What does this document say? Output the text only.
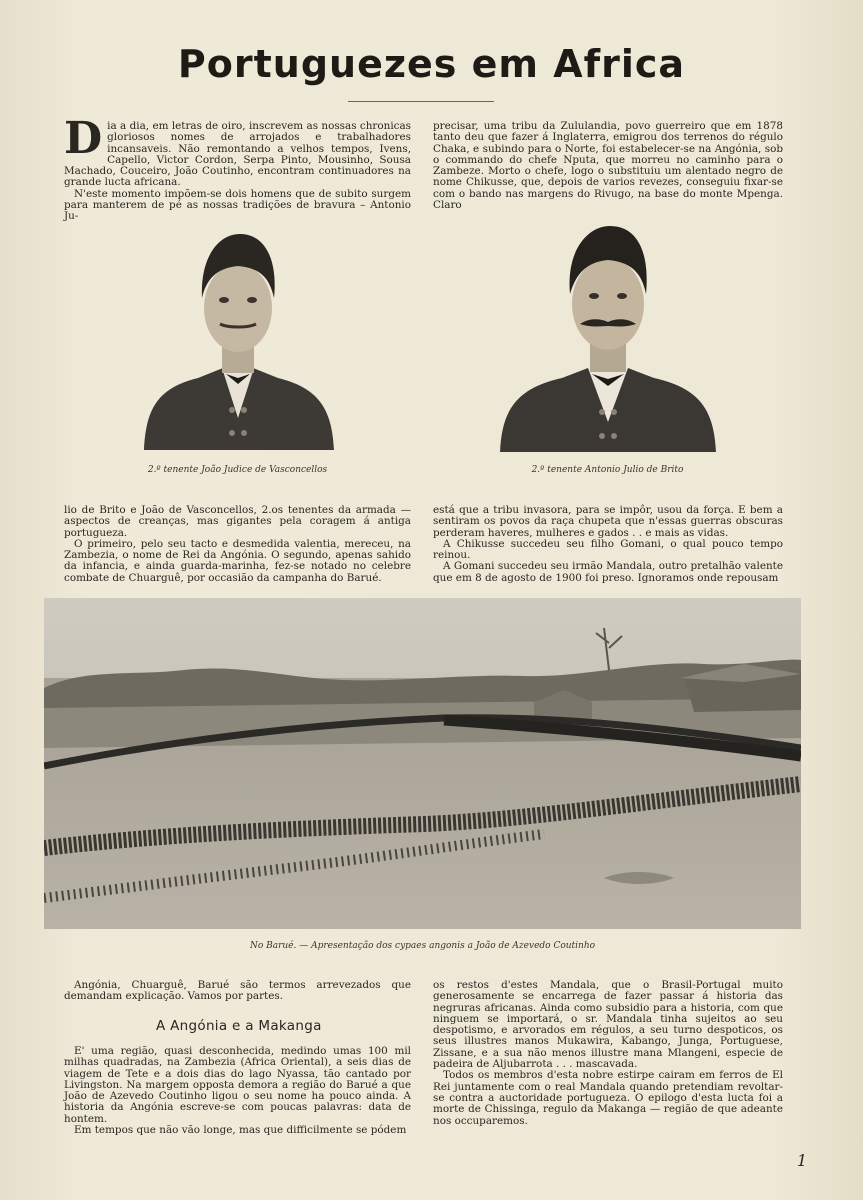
Portuguezes em Africa
D ia a dia, em letras de oiro, inscrevem as nossas chronicas gloriosos nomes de arrojados e trabalhadores incansaveis. Não remontando a velhos tempos, Ivens, Capello, Victor Cordon, Serpa Pinto, Mousinho, Sousa Machado, Couceiro, João Coutinho, encontram continuadores na grande lucta africana.

N'este momento impõem-se dois homens que de subito surgem para manterem de pé as nossas tradições de bravura – Antonio Ju-

precisar, uma tribu da Zululandia, povo guerreiro que em 1878 tanto deu que fazer á Inglaterra, emigrou dos terrenos do régulo Chaka, e subindo para o Norte, foi estabelecer-se na Angónia, sob o commando do chefe Nputa, que morreu no caminho para o Zambeze. Morto o chefe, logo o substituiu um alentado negro de nome Chikusse, que, depois de varios revezes, conseguiu fixar-se com o bando nas margens do Rivugo, na base do monte Mpenga. Claro

2.º tenente João Judice de Vasconcellos	2.º tenente Antonio Julio de Brito

lio de Brito e João de Vasconcellos, 2.os tenentes da armada — aspectos de creanças, mas gigantes pela coragem á antiga portugueza.

O primeiro, pelo seu tacto e desmedida valentia, mereceu, na Zambezia, o nome de Rei da Angónia. O segundo, apenas sahido da infancia, e ainda guarda-marinha, fez-se notado no celebre combate de Chuarguê, por occasião da campanha do Barué.

está que a tribu invasora, para se impôr, usou da força. E bem a sentiram os povos da raça chupeta que n'essas guerras obscuras perderam haveres, mulheres e gados . . e mais as vidas.

A Chikusse succedeu seu filho Gomani, o qual pouco tempo reinou.

A Gomani succedeu seu irmão Mandala, outro pretalhão valente que em 8 de agosto de 1900 foi preso. Ignoramos onde repousam

No Barué. — Apresentação dos cypaes angonis a João de Azevedo Coutinho

Angónia, Chuarguê, Barué são termos arrevezados que demandam explicação. Vamos por partes.

A Angónia e a Makanga

E' uma região, quasi desconhecida, medindo umas 100 mil milhas quadradas, na Zambezia (Africa Oriental), a seis dias de viagem de Tete e a dois dias do lago Nyassa, tão cantado por Livingston. Na margem opposta demora a região do Barué a que João de Azevedo Coutinho ligou o seu nome ha pouco ainda. A historia da Angónia escreve-se com poucas palavras: data de hontem.

Em tempos que não vão longe, mas que difficilmente se pódem

os restos d'estes Mandala, que o Brasil-Portugal muito generosamente se encarrega de fazer passar á historia das negruras africanas. Ainda como subsidio para a historia, com que ninguem se importará, o sr. Mandala tinha sujeitos ao seu despotismo, e arvorados em régulos, a seu turno despoticos, os seus illustres manos Mukawira, Kabango, Junga, Portuguese, Zissane, e a sua não menos illustre mana Mlangeni, especie de padeira de Aljubarrota . . . mascavada.

Todos os membros d'esta nobre estirpe cairam em ferros de El Rei juntamente com o real Mandala quando pretendiam revoltar-se contra a auctoridade portugueza. O epilogo d'esta lucta foi a morte de Chissinga, regulo da Makanga — região de que adeante nos occuparemos.

1
